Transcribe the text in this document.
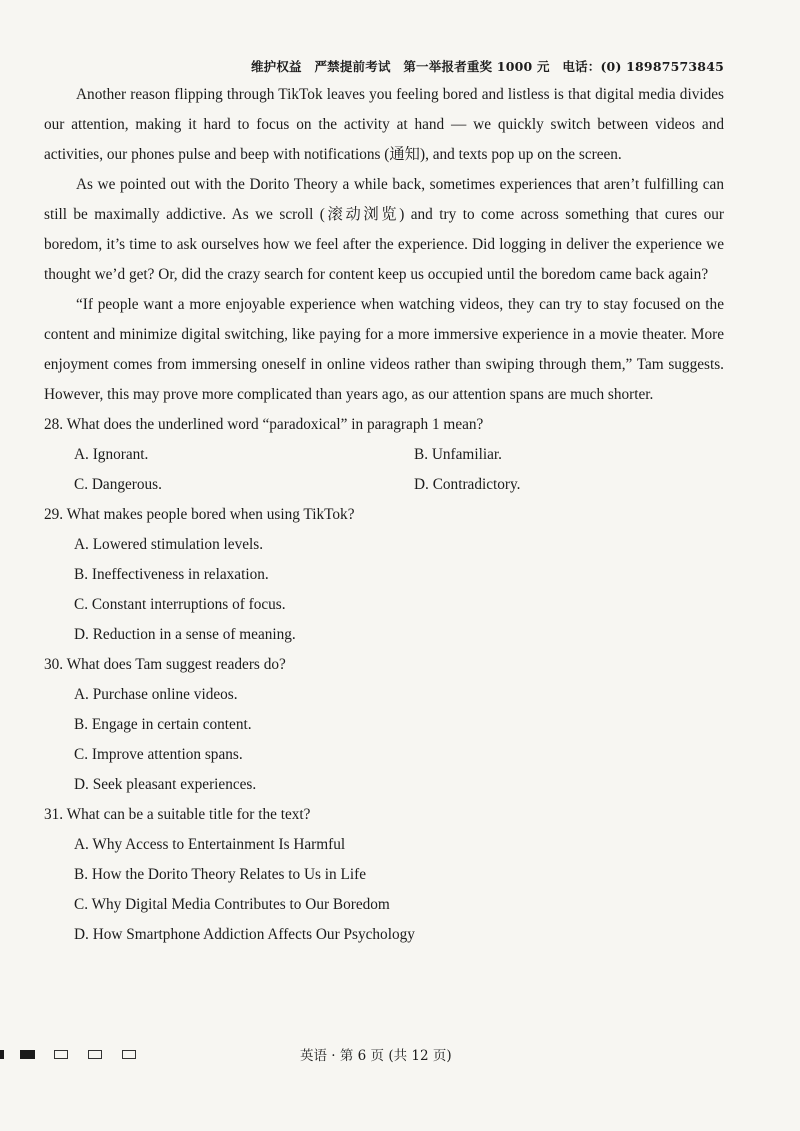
维护权益　严禁提前考试　第一举报者重奖 1000 元　电话：(0) 18987573845

Another reason flipping through TikTok leaves you feeling bored and listless is that digital media divides our attention, making it hard to focus on the activity at hand — we quickly switch between videos and activities, our phones pulse and beep with notifications (通知), and texts pop up on the screen.

As we pointed out with the Dorito Theory a while back, sometimes experiences that aren’t fulfilling can still be maximally addictive. As we scroll (滚动浏览) and try to come across something that cures our boredom, it’s time to ask ourselves how we feel after the experience. Did logging in deliver the experience we thought we’d get? Or, did the crazy search for content keep us occupied until the boredom came back again?

“If people want a more enjoyable experience when watching videos, they can try to stay focused on the content and minimize digital switching, like paying for a more immersive experience in a movie theater. More enjoyment comes from immersing oneself in online videos rather than swiping through them,” Tam suggests. However, this may prove more complicated than years ago, as our attention spans are much shorter.

28. What does the underlined word “paradoxical” in paragraph 1 mean?

A. Ignorant.	B. Unfamiliar.
C. Dangerous.	D. Contradictory.

29. What makes people bored when using TikTok?

A. Lowered stimulation levels.
B. Ineffectiveness in relaxation.
C. Constant interruptions of focus.
D. Reduction in a sense of meaning.

30. What does Tam suggest readers do?

A. Purchase online videos.
B. Engage in certain content.
C. Improve attention spans.
D. Seek pleasant experiences.

31. What can be a suitable title for the text?

A. Why Access to Entertainment Is Harmful
B. How the Dorito Theory Relates to Us in Life
C. Why Digital Media Contributes to Our Boredom
D. How Smartphone Addiction Affects Our Psychology
英语 · 第 6 页 (共 12 页)
